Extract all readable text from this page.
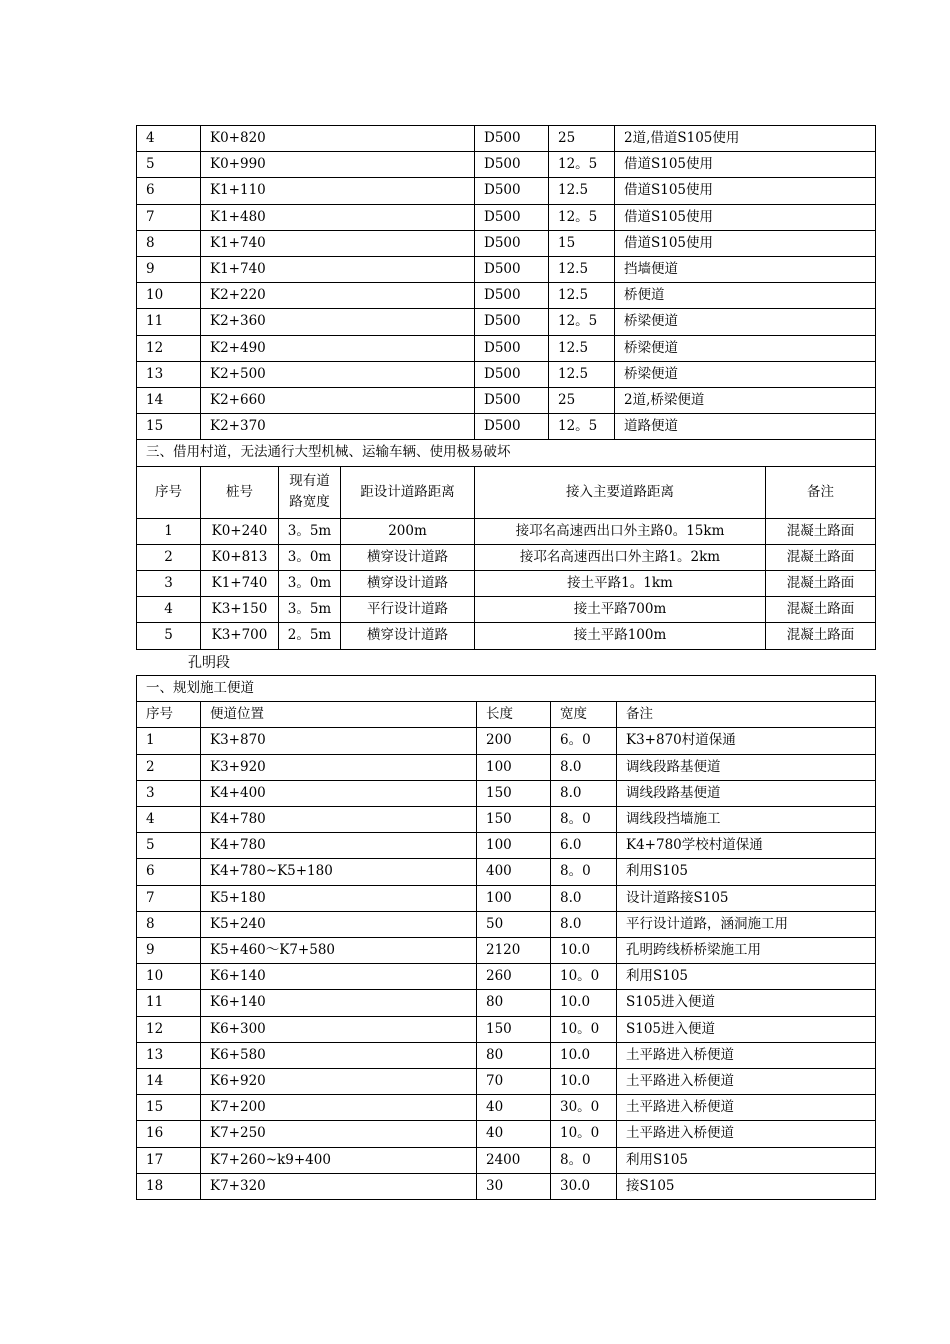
4	K0+820			D500	25	2道,借道S105使用	
5	K0+990			D500	12。5	借道S105使用	
6	K1+110			D500	12.5	借道S105使用	
7	K1+480			D500	12。5	借道S105使用	
8	K1+740			D500	15	借道S105使用	
9	K1+740			D500	12.5	挡墙便道	
10	K2+220			D500	12.5	桥便道	
11	K2+360			D500	12。5	桥梁便道	
12	K2+490			D500	12.5	桥梁便道	
13	K2+500			D500	12.5	桥梁便道	
14	K2+660			D500	25	2道,桥梁便道	
15	K2+370			D500	12。5	道路便道	
三、借用村道，无法通行大型机械、运输车辆、使用极易破坏							
序号	桩号	现有道
路宽度	距设计道路距离	接入主要道路距离			备注
1	K0+240	3。5m	200m	接邛名高速西出口外主路0。15km			混凝土路面
2	K0+813	3。0m	横穿设计道路	接邛名高速西出口外主路1。2km			混凝土路面
3	K1+740	3。0m	横穿设计道路	接土平路1。1km			混凝土路面
4	K3+150	3。5m	平行设计道路	接土平路700m			混凝土路面
5	K3+700	2。5m	横穿设计道路	接土平路100m			混凝土路面
孔明段
一、规划施工便道				
序号	便道位置	长度	宽度	备注
1	K3+870	200	6。0	K3+870村道保通
2	K3+920	100	8.0	调线段路基便道
3	K4+400	150	8.0	调线段路基便道
4	K4+780	150	8。0	调线段挡墙施工
5	K4+780	100	6.0	K4+780学校村道保通
6	K4+780~K5+180	400	8。0	利用S105
7	K5+180	100	8.0	设计道路接S105
8	K5+240	50	8.0	平行设计道路，涵洞施工用
9	K5+460～K7+580	2120	10.0	孔明跨线桥桥梁施工用
10	K6+140	260	10。0	利用S105
11	K6+140	80	10.0	S105进入便道
12	K6+300	150	10。0	S105进入便道
13	K6+580	80	10.0	土平路进入桥便道
14	K6+920	70	10.0	土平路进入桥便道
15	K7+200	40	30。0	土平路进入桥便道
16	K7+250	40	10。0	土平路进入桥便道
17	K7+260~k9+400	2400	8。0	利用S105
18	K7+320	30	30.0	接S105
